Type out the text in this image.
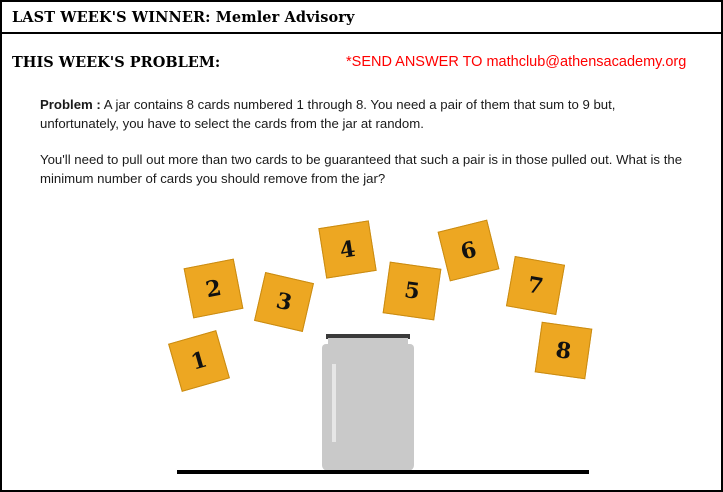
LAST WEEK'S WINNER: Memler Advisory
THIS WEEK'S PROBLEM:	*SEND ANSWER TO mathclub@athensacademy.org
Problem : A jar contains 8 cards numbered 1 through 8. You need a pair of them that sum to 9 but, unfortunately, you have to select the cards from the jar at random.
You'll need to pull out more than two cards to be guaranteed that such a pair is in those pulled out. What is the minimum number of cards you should remove from the jar?
1
2 3
4
5
6
7
8
